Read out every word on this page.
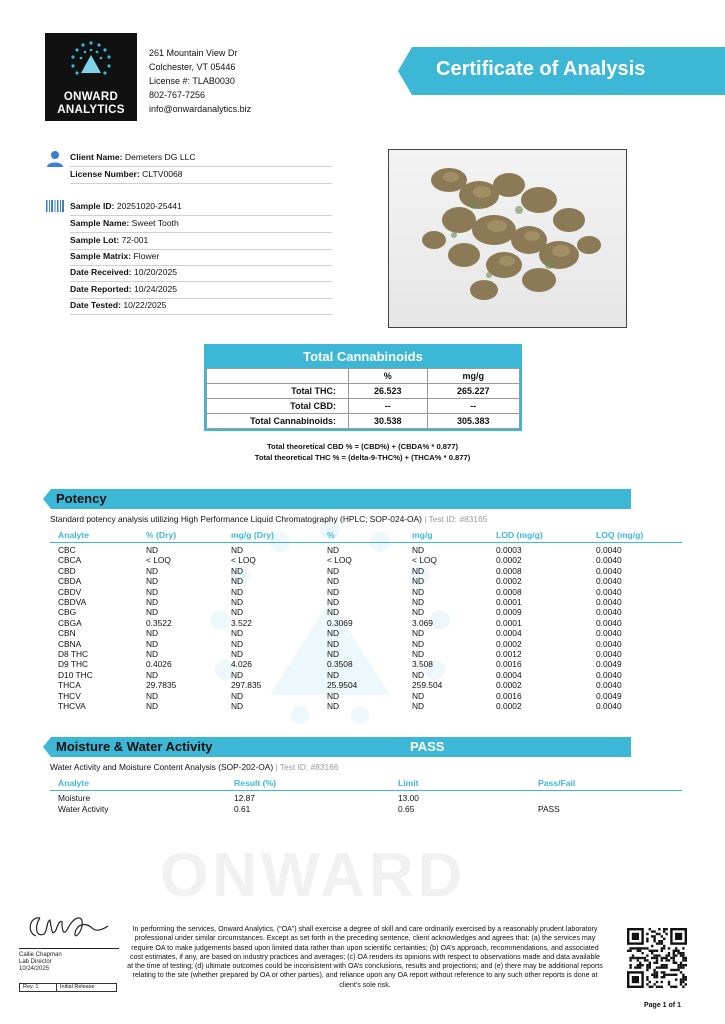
ONWARD
ANALYTICS
261 Mountain View Dr
Colchester, VT 05446
License #: TLAB0030
802-767-7256
info@onwardanalytics.biz
Certificate of Analysis
Client Name: Demeters DG LLC
License Number: CLTV0068
Sample ID: 20251020-25441
Sample Name: Sweet Tooth
Sample Lot: 72-001
Sample Matrix: Flower
Date Received: 10/20/2025
Date Reported: 10/24/2025
Date Tested: 10/22/2025
Total Cannabinoids
	%	mg/g
Total THC:	26.523	265.227
Total CBD:	--	--
Total Cannabinoids:	30.538	305.383
Total theoretical CBD % = (CBD%) + (CBDA% * 0.877)
Total theoretical THC % = (delta-9-THC%) + (THCA% * 0.877)
ONWARD
Potency
Standard potency analysis utilizing High Performance Liquid Chromatography (HPLC; SOP-024-OA) | Test ID: #83165
Analyte	% (Dry)	mg/g (Dry)	%	mg/g	LOD (mg/g)	LOQ (mg/g)
CBC	ND	ND	ND	ND	0.0003	0.0040
CBCA	< LOQ	< LOQ	< LOQ	< LOQ	0.0002	0.0040
CBD	ND	ND	ND	ND	0.0008	0.0040
CBDA	ND	ND	ND	ND	0.0002	0.0040
CBDV	ND	ND	ND	ND	0.0008	0.0040
CBDVA	ND	ND	ND	ND	0.0001	0.0040
CBG	ND	ND	ND	ND	0.0009	0.0040
CBGA	0.3522	3.522	0.3069	3.069	0.0001	0.0040
CBN	ND	ND	ND	ND	0.0004	0.0040
CBNA	ND	ND	ND	ND	0.0002	0.0040
D8 THC	ND	ND	ND	ND	0.0012	0.0040
D9 THC	0.4026	4.026	0.3508	3.508	0.0016	0.0049
D10 THC	ND	ND	ND	ND	0.0004	0.0040
THCA	29.7835	297.835	25.9504	259.504	0.0002	0.0040
THCV	ND	ND	ND	ND	0.0016	0.0049
THCVA	ND	ND	ND	ND	0.0002	0.0040
Moisture & Water Activity	PASS
Water Activity and Moisture Content Analysis (SOP-202-OA) | Test ID: #83166
Analyte	Result (%)	Limit	Pass/Fail
Moisture	12.87	13.00
Water Activity	0.61	0.65	PASS
Callie Chapman
Lab Director
10/24/2025
Rev. 1	Initial Release
In performing the services, Onward Analytics, (“OA”) shall exercise a degree of skill and care ordinarily exercised by a reasonably prudent laboratory professional under similar circumstances. Except as set forth in the preceding sentence, client acknowledges and agrees that: (a) the services may require OA to make judgements based upon limited data rather than upon scientific certainties; (b) OA’s approach, recommendations, and associated cost estimates, if any, are based on industry practices and averages; (c) OA renders its opinions with respect to observations made and data available at the time of testing; (d) ultimate outcomes could be inconsistent with OA’s conclusions, results and projections; and (e) there may be additional reports relating to the site (whether prepared by OA or other parties), and reliance upon any OA report without reference to any such other reports is done at client’s sole risk.
Page 1 of 1
